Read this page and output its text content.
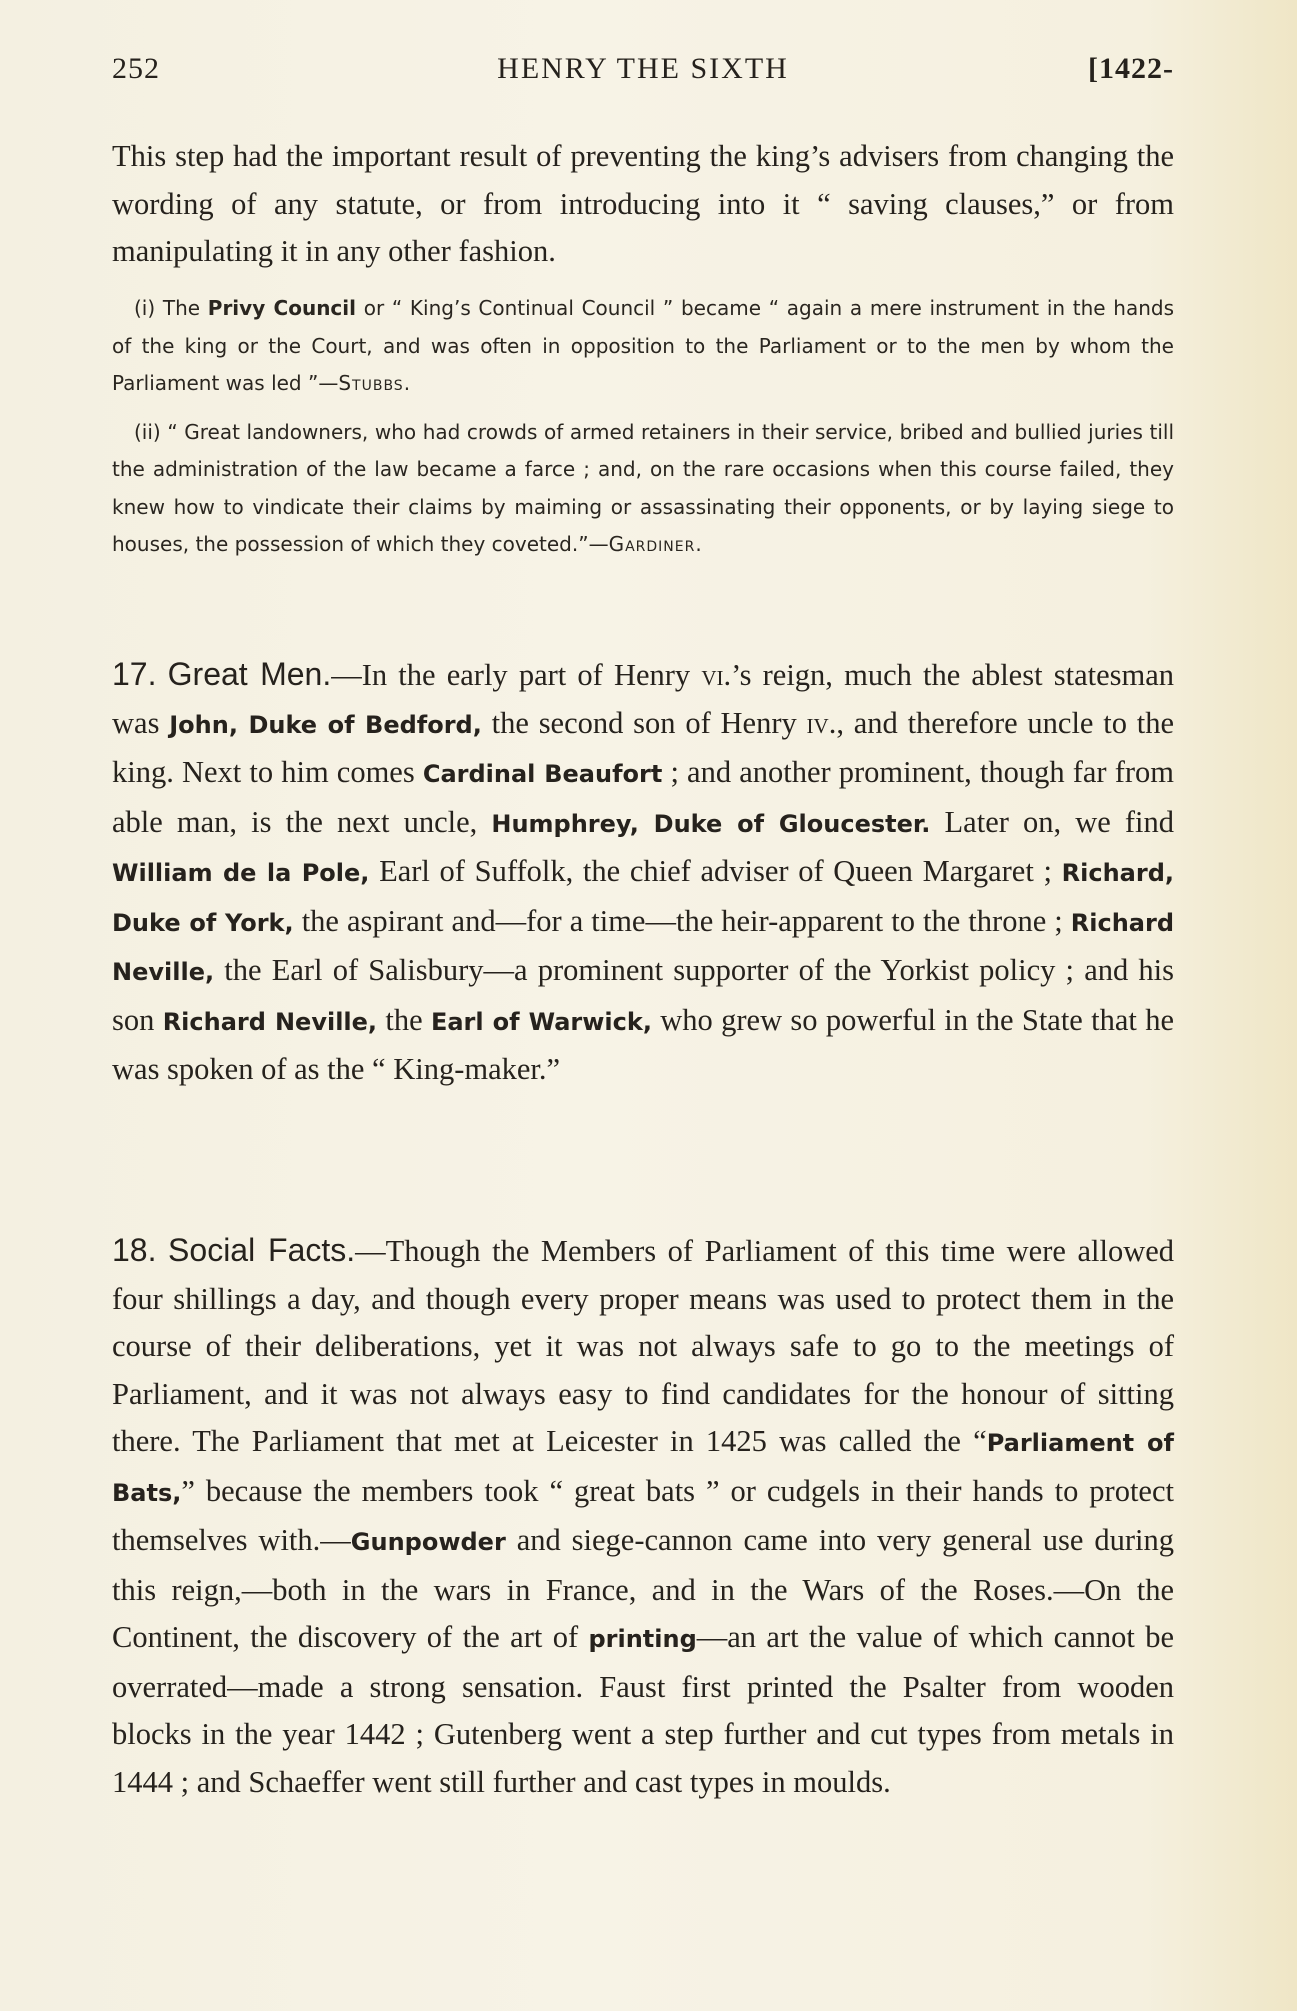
252	HENRY THE SIXTH	[1422-

This step had the important result of preventing the king’s advisers from changing the wording of any statute, or from introducing into it “ saving clauses,” or from manipulating it in any other fashion.

(i) The Privy Council or “ King’s Continual Council ” became “ again a mere instrument in the hands of the king or the Court, and was often in opposition to the Parliament or to the men by whom the Parliament was led ”—Stubbs.

(ii) “ Great landowners, who had crowds of armed retainers in their service, bribed and bullied juries till the administration of the law became a farce ; and, on the rare occasions when this course failed, they knew how to vindicate their claims by maiming or assassinating their opponents, or by laying siege to houses, the possession of which they coveted.”—Gardiner.

17. Great Men.—In the early part of Henry vi.’s reign, much the ablest statesman was John, Duke of Bedford, the second son of Henry iv., and therefore uncle to the king. Next to him comes Cardinal Beaufort ; and another prominent, though far from able man, is the next uncle, Humphrey, Duke of Gloucester. Later on, we find William de la Pole, Earl of Suffolk, the chief adviser of Queen Margaret ; Richard, Duke of York, the aspirant and—for a time—the heir-apparent to the throne ; Richard Neville, the Earl of Salisbury—a prominent supporter of the Yorkist policy ; and his son Richard Neville, the Earl of Warwick, who grew so powerful in the State that he was spoken of as the “ King-maker.”

18. Social Facts.—Though the Members of Parliament of this time were allowed four shillings a day, and though every proper means was used to protect them in the course of their deliberations, yet it was not always safe to go to the meetings of Parliament, and it was not always easy to find candidates for the honour of sitting there. The Parliament that met at Leicester in 1425 was called the “Parliament of Bats,” because the members took “ great bats ” or cudgels in their hands to protect themselves with.—Gunpowder and siege-cannon came into very general use during this reign,—both in the wars in France, and in the Wars of the Roses.—On the Continent, the discovery of the art of printing—an art the value of which cannot be overrated—made a strong sensation. Faust first printed the Psalter from wooden blocks in the year 1442 ; Gutenberg went a step further and cut types from metals in 1444 ; and Schaeffer went still further and cast types in moulds.
